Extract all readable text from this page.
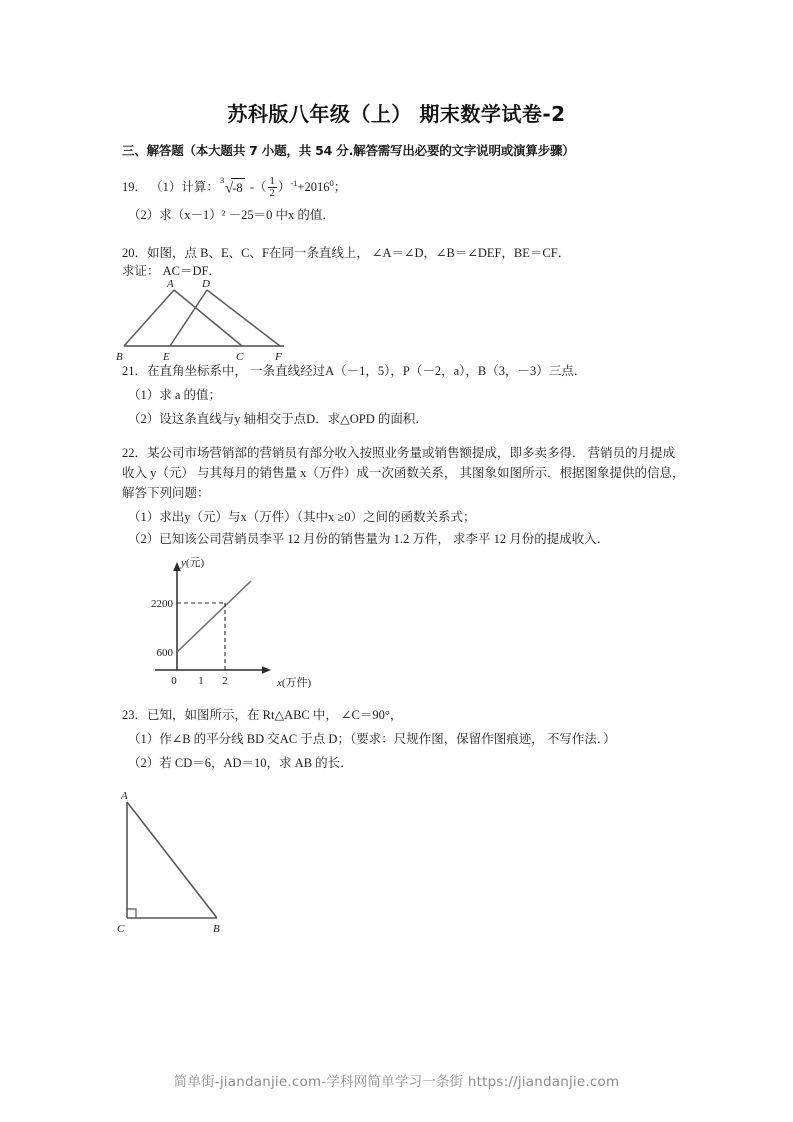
苏科版八年级（上） 期末数学试卷-2
三、解答题（本大题共 7 小题，共 54 分.解答需写出必要的文字说明或演算步骤）
19． （1）计算：
3
√-8 -（ $\frac{1}{2} )^{-1}+2016^0$；
（2）求（x－1）² －25＝0 中x 的值．
20．如图，点 B、E、C、F在同一条直线上， ∠A＝∠D，∠B＝∠DEF，BE＝CF．
求证： AC＝DF．
A	D
B	E	C	F
21．在直角坐标系中， 一条直线经过A（－1，5），P（－2，a），B（3，－3）三点．
（1）求 a 的值；
（2）设这条直线与y 轴相交于点D．求△OPD 的面积．
22．某公司市场营销部的营销员有部分收入按照业务量或销售额提成，即多卖多得． 营销员的月提成
收入 y（元） 与其每月的销售量 x（万件）成一次函数关系， 其图象如图所示．根据图象提供的信息，
解答下列问题：
（1）求出y（元）与x（万件）（其中x ≥0）之间的函数关系式；
（2）已知该公司营销员李平 12 月份的销售量为 1.2 万件， 求李平 12 月份的提成收入．
2200
600
0 1 2
y(元)
x(万件)
23．已知，如图所示，在 Rt△ABC 中， ∠C＝90°，
（1）作∠B 的平分线 BD 交AC 于点 D；（要求：尺规作图，保留作图痕迹， 不写作法．）
（2）若 CD＝6，AD＝10，求 AB 的长．
A
C	B
简单街-jiandanjie.com-学科网简单学习一条街 https://jiandanjie.com
